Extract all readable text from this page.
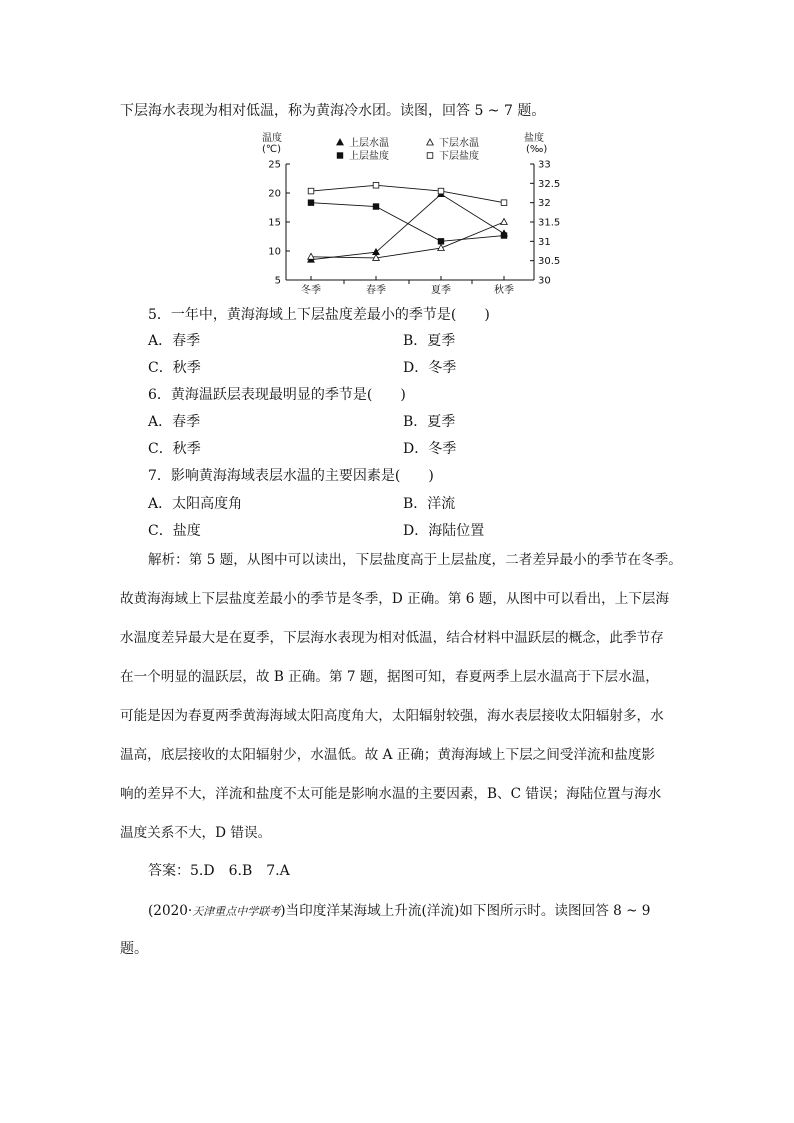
下层海水表现为相对低温，称为黄海冷水团。读图，回答 5 ~ 7 题。
温度
(℃)
盐度
(‰)
25
20
15
10
5
33
32.5
32
31.5
31
30.5
30
冬季	春季	夏季	秋季
上层水温	下层水温
上层盐度	下层盐度
5．一年中，黄海海域上下层盐度差最小的季节是(　　)
A．春季	B．夏季
C．秋季	D．冬季
6．黄海温跃层表现最明显的季节是(　　)
A．春季	B．夏季
C．秋季	D．冬季
7．影响黄海海域表层水温的主要因素是(　　)
A．太阳高度角	B．洋流
C．盐度	D．海陆位置
解析：第 5 题，从图中可以读出，下层盐度高于上层盐度，二者差异最小的季节在冬季。
故黄海海域上下层盐度差最小的季节是冬季，D 正确。第 6 题，从图中可以看出，上下层海
水温度差异最大是在夏季，下层海水表现为相对低温，结合材料中温跃层的概念，此季节存
在一个明显的温跃层，故 B 正确。第 7 题，据图可知，春夏两季上层水温高于下层水温，
可能是因为春夏两季黄海海域太阳高度角大，太阳辐射较强，海水表层接收太阳辐射多，水
温高，底层接收的太阳辐射少，水温低。故 A 正确；黄海海域上下层之间受洋流和盐度影
响的差异不大，洋流和盐度不太可能是影响水温的主要因素，B、C 错误；海陆位置与海水
温度关系不大，D 错误。
答案：5.D　6.B　7.A
(2020·天津重点中学联考)当印度洋某海域上升流(洋流)如下图所示时。读图回答 8 ~ 9
题。
